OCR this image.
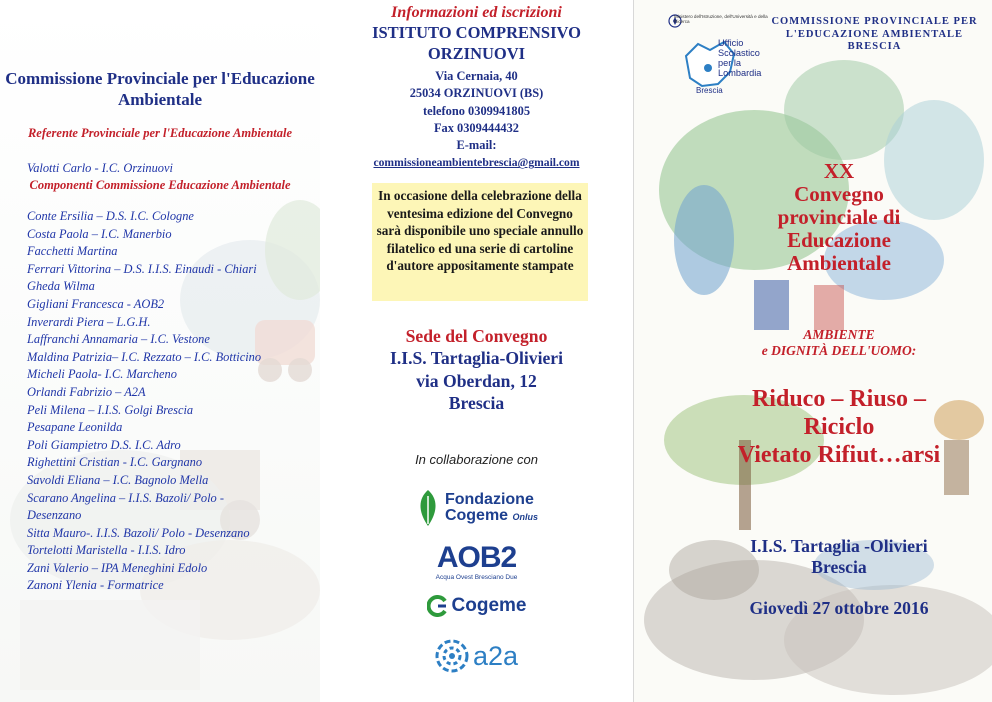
Commissione Provinciale per l'Educazione Ambientale
Referente Provinciale per l'Educazione Ambientale
Valotti Carlo - I.C. Orzinuovi
Componenti Commissione Educazione Ambientale
Conte Ersilia – D.S. I.C. Cologne
Costa Paola – I.C. Manerbio
Facchetti Martina
Ferrari Vittorina – D.S. I.I.S. Einaudi - Chiari
Gheda Wilma
Gigliani Francesca - AOB2
Inverardi Piera – L.G.H.
Laffranchi Annamaria – I.C. Vestone
Maldina Patrizia– I.C. Rezzato – I.C. Botticino
Micheli Paola- I.C. Marcheno
Orlandi Fabrizio – A2A
Peli Milena – I.I.S. Golgi Brescia
Pesapane Leonilda
Poli Giampietro D.S. I.C. Adro
Righettini Cristian - I.C. Gargnano
Savoldi Eliana – I.C. Bagnolo Mella
Scarano Angelina – I.I.S. Bazoli/ Polo -
Desenzano
Sitta Mauro-. I.I.S. Bazoli/ Polo - Desenzano
Tortelotti Maristella - I.I.S. Idro
Zani Valerio – IPA Meneghini Edolo
Zanoni Ylenia - Formatrice
Informazioni ed iscrizioni
ISTITUTO COMPRENSIVO
ORZINUOVI
Via Cernaia, 40
25034 ORZINUOVI (BS)
telefono 0309941805
Fax 0309444432
E-mail:
commissioneambientebrescia@gmail.com
In occasione della celebrazione della ventesima edizione del Convegno sarà disponibile uno speciale annullo filatelico ed una serie di cartoline d'autore appositamente stampate
Sede del Convegno
I.I.S. Tartaglia-Olivieri
via Oberdan, 12
Brescia
In collaborazione con
Fondazione
Cogeme Onlus
AOB2
Acqua Ovest Bresciano Due
Cogeme
a2a
Ministero dell'Istruzione, dell'Università e della Ricerca
Ufficio
Scolastico
per la
Lombardia
Brescia
COMMISSIONE PROVINCIALE PER L'EDUCAZIONE AMBIENTALE BRESCIA
XX
Convegno
provinciale di
Educazione
Ambientale
AMBIENTE
e DIGNITÀ DELL'UOMO:
Riduco – Riuso –
Riciclo
Vietato Rifiut…arsi
I.I.S. Tartaglia -Olivieri
Brescia
Giovedì 27 ottobre 2016
